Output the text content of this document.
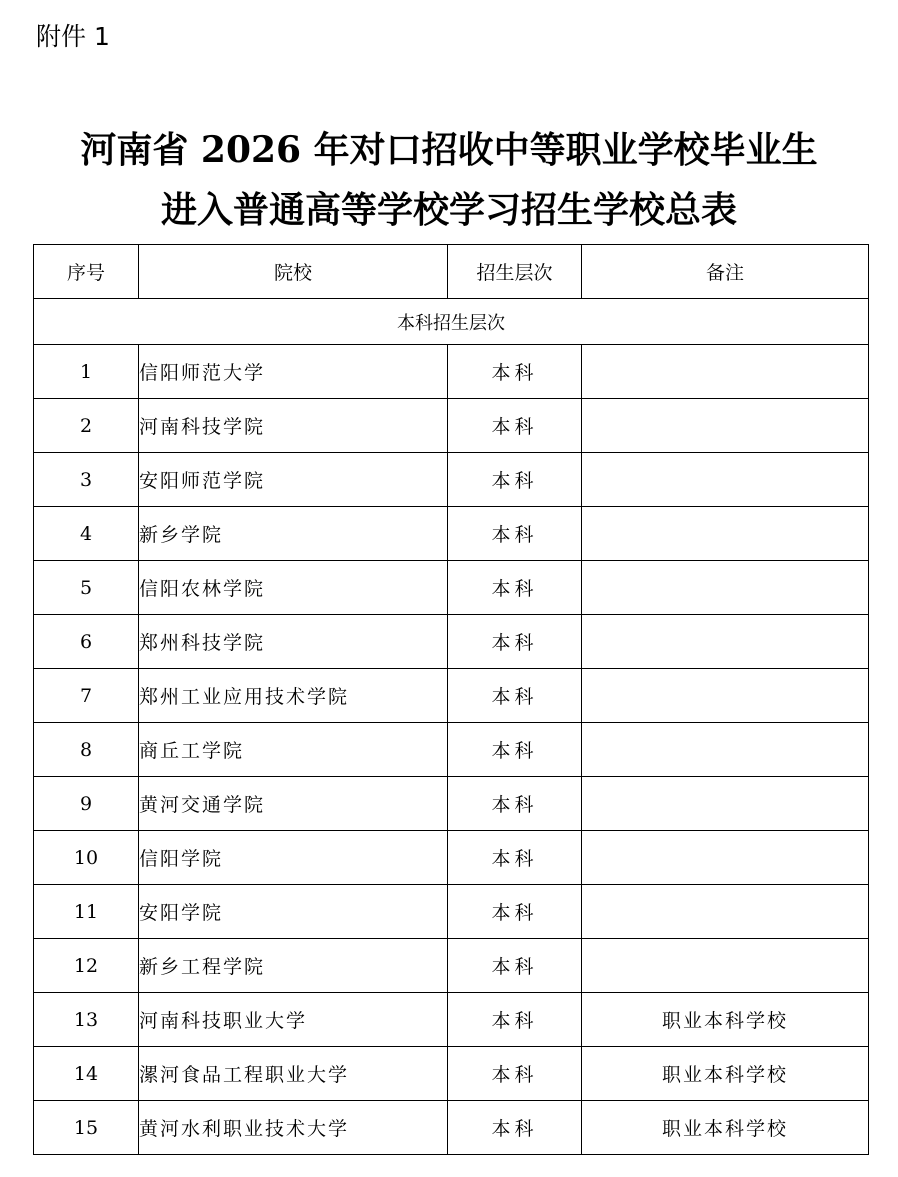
附件 1
河南省 2026 年对口招收中等职业学校毕业生
进入普通高等学校学习招生学校总表
序号	院校	招生层次	备注
本科招生层次			
1	信阳师范大学	本科	
2	河南科技学院	本科	
3	安阳师范学院	本科	
4	新乡学院	本科	
5	信阳农林学院	本科	
6	郑州科技学院	本科	
7	郑州工业应用技术学院	本科	
8	商丘工学院	本科	
9	黄河交通学院	本科	
10	信阳学院	本科	
11	安阳学院	本科	
12	新乡工程学院	本科	
13	河南科技职业大学	本科	职业本科学校
14	漯河食品工程职业大学	本科	职业本科学校
15	黄河水利职业技术大学	本科	职业本科学校
